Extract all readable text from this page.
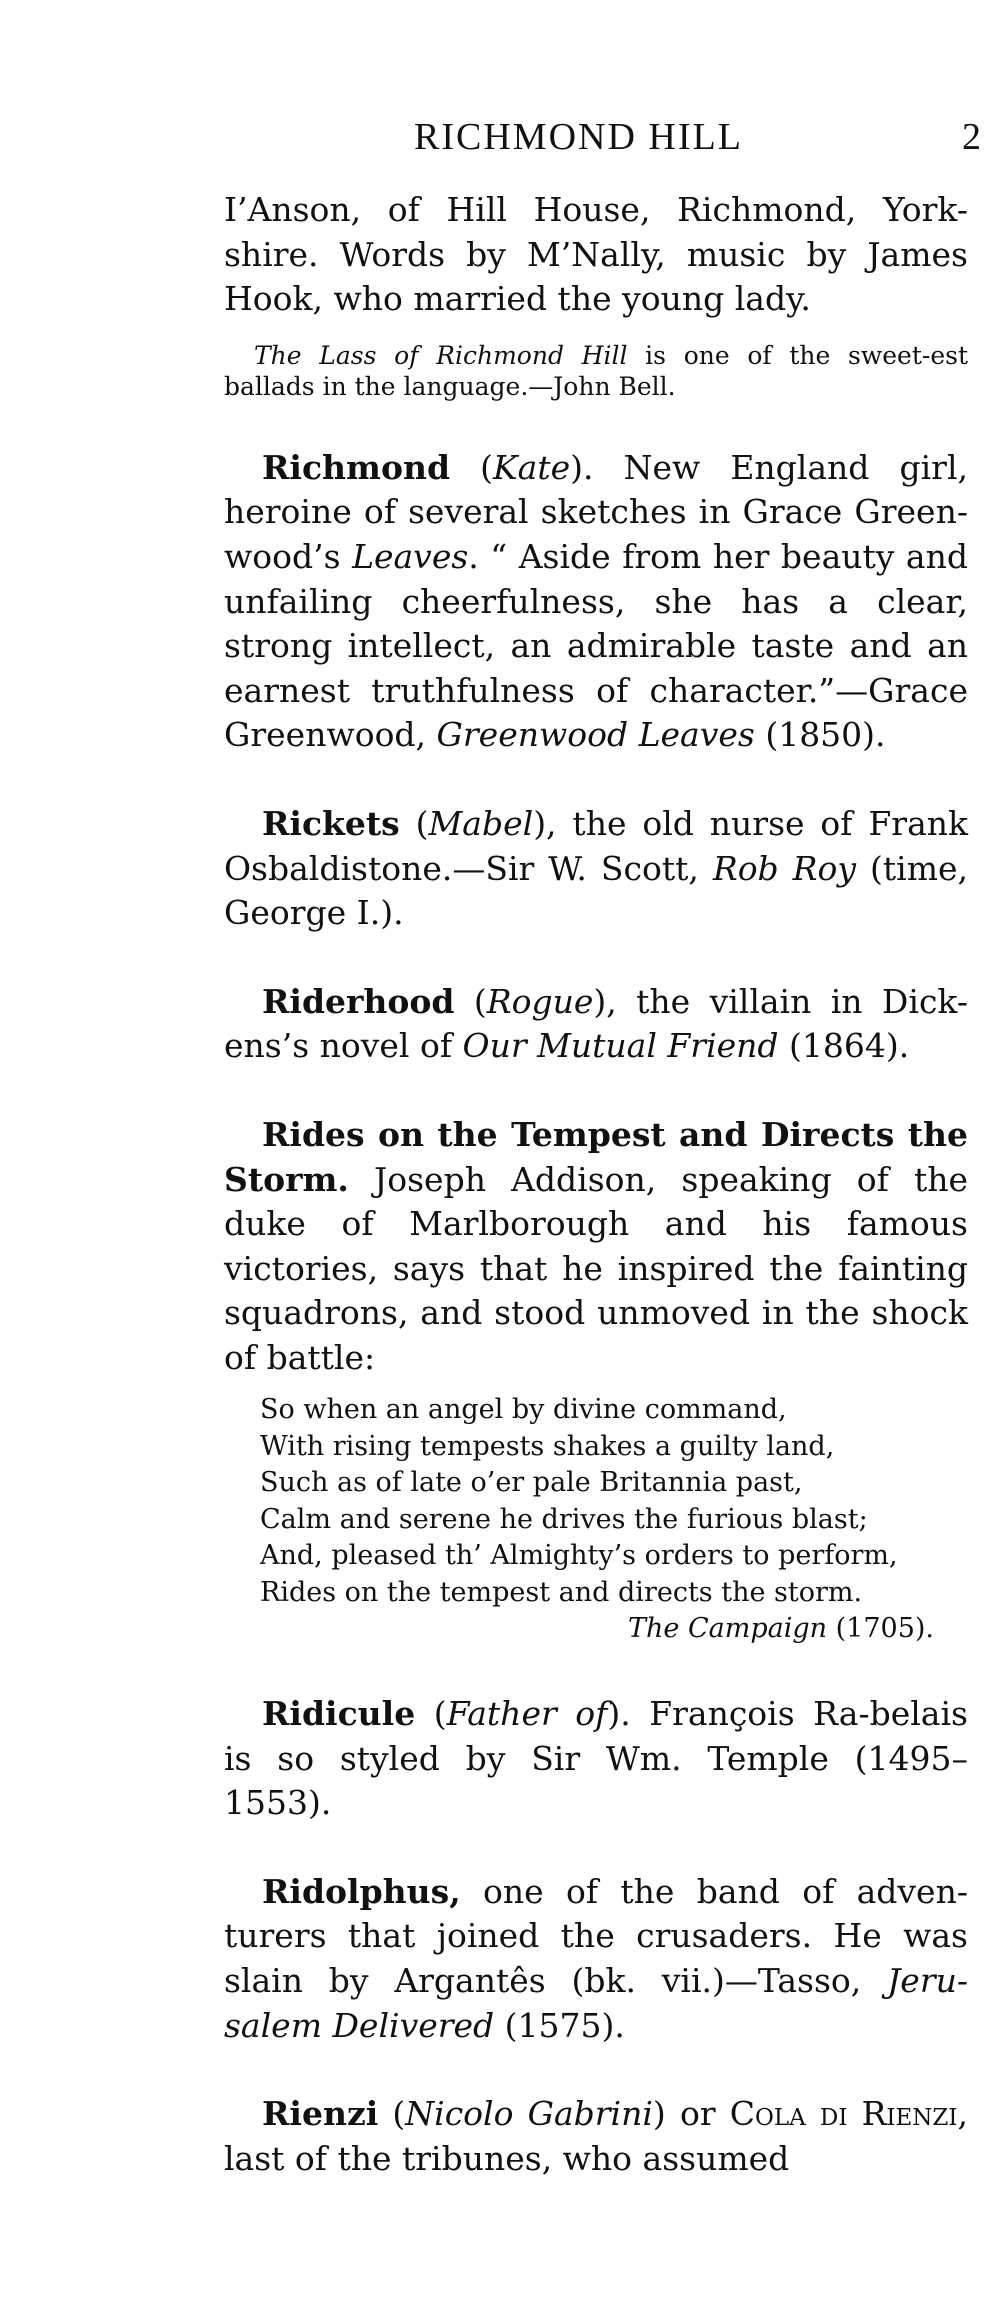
RICHMOND HILL	2

I’Anson, of Hill House, Richmond, York-shire. Words by M’Nally, music by James Hook, who married the young lady.

The Lass of Richmond Hill is one of the sweet-est ballads in the language.—John Bell.

Richmond (Kate). New England girl, heroine of several sketches in Grace Green-wood’s Leaves. “ Aside from her beauty and unfailing cheerfulness, she has a clear, strong intellect, an admirable taste and an earnest truthfulness of character.”—Grace Greenwood, Greenwood Leaves (1850).

Rickets (Mabel), the old nurse of Frank Osbaldistone.—Sir W. Scott, Rob Roy (time, George I.).

Riderhood (Rogue), the villain in Dick-ens’s novel of Our Mutual Friend (1864).

Rides on the Tempest and Directs the Storm. Joseph Addison, speaking of the duke of Marlborough and his famous victories, says that he inspired the fainting squadrons, and stood unmoved in the shock of battle:

So when an angel by divine command,
With rising tempests shakes a guilty land,
Such as of late o’er pale Britannia past,
Calm and serene he drives the furious blast;
And, pleased th’ Almighty’s orders to perform,
Rides on the tempest and directs the storm.
The Campaign (1705).

Ridicule (Father of). François Ra-belais is so styled by Sir Wm. Temple (1495–1553).

Ridolphus, one of the band of adven-turers that joined the crusaders. He was slain by Argantês (bk. vii.)—Tasso, Jeru-salem Delivered (1575).

Rienzi (Nicolo Gabrini) or Cola di Rienzi, last of the tribunes, who assumed
